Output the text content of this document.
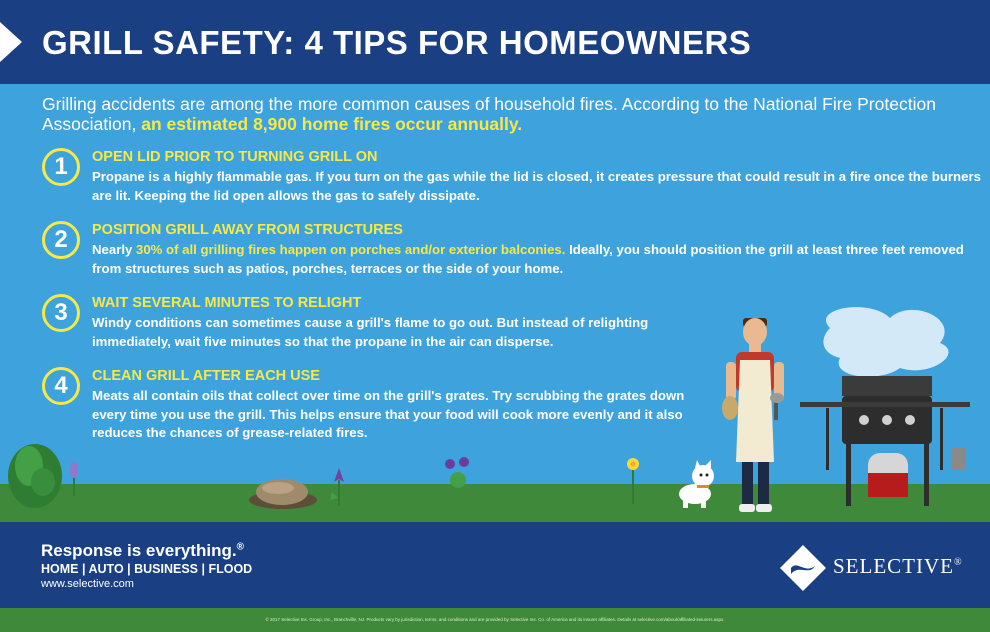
GRILL SAFETY: 4 TIPS FOR HOMEOWNERS

Grilling accidents are among the more common causes of household fires. According to the National Fire Protection Association, an estimated 8,900 home fires occur annually.

1	OPEN LID PRIOR TO TURNING GRILL ON
Propane is a highly flammable gas. If you turn on the gas while the lid is closed, it creates pressure that could result in a fire once the burners are lit. Keeping the lid open allows the gas to safely dissipate.
2	POSITION GRILL AWAY FROM STRUCTURES
Nearly 30% of all grilling fires happen on porches and/or exterior balconies. Ideally, you should position the grill at least three feet removed from structures such as patios, porches, terraces or the side of your home.
3	WAIT SEVERAL MINUTES TO RELIGHT
Windy conditions can sometimes cause a grill's flame to go out. But instead of relighting immediately, wait five minutes so that the propane in the air can disperse.
4	CLEAN GRILL AFTER EACH USE
Meats all contain oils that collect over time on the grill's grates. Try scrubbing the grates down every time you use the grill. This helps ensure that your food will cook more evenly and it also reduces the chances of grease-related fires.
Response is everything.®
HOME | AUTO | BUSINESS | FLOOD
www.selective.com
SELECTIVE®
© 2017 Selective Ins. Group, Inc., Branchville, NJ. Products vary by jurisdiction, terms, and conditions and are provided by Selective Ins. Co. of America and its insurer affiliates. Details at selective.com/about/affiliated-insurers.aspx.
